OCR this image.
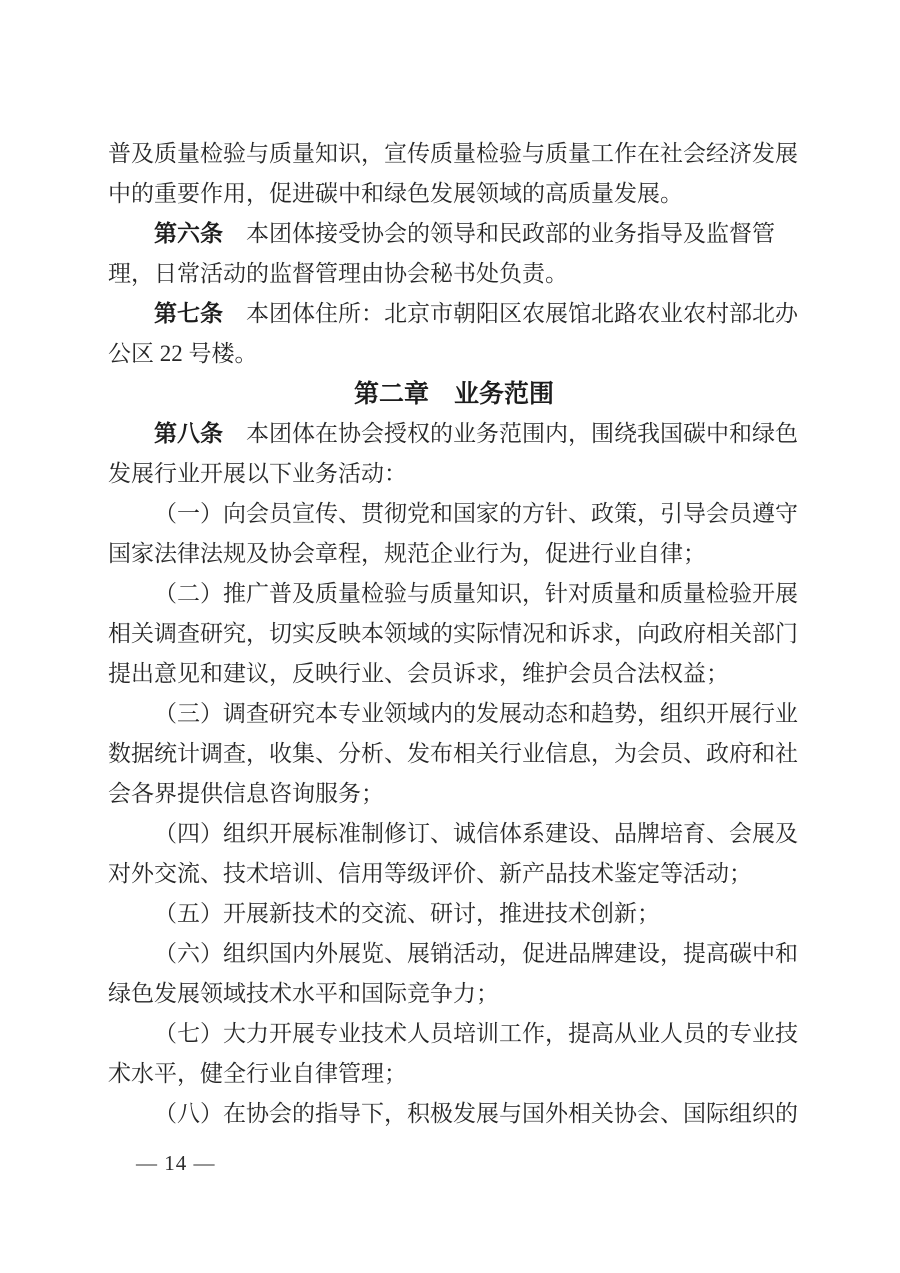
普及质量检验与质量知识，宣传质量检验与质量工作在社会经济发展
中的重要作用，促进碳中和绿色发展领域的高质量发展。
第六条　本团体接受协会的领导和民政部的业务指导及监督管
理，日常活动的监督管理由协会秘书处负责。
第七条　本团体住所：北京市朝阳区农展馆北路农业农村部北办
公区 22 号楼。
第二章　业务范围
第八条　本团体在协会授权的业务范围内，围绕我国碳中和绿色
发展行业开展以下业务活动：
（一）向会员宣传、贯彻党和国家的方针、政策，引导会员遵守
国家法律法规及协会章程，规范企业行为，促进行业自律；
（二）推广普及质量检验与质量知识，针对质量和质量检验开展
相关调查研究，切实反映本领域的实际情况和诉求，向政府相关部门
提出意见和建议，反映行业、会员诉求，维护会员合法权益；
（三）调查研究本专业领域内的发展动态和趋势，组织开展行业
数据统计调查，收集、分析、发布相关行业信息，为会员、政府和社
会各界提供信息咨询服务；
（四）组织开展标准制修订、诚信体系建设、品牌培育、会展及
对外交流、技术培训、信用等级评价、新产品技术鉴定等活动；
（五）开展新技术的交流、研讨，推进技术创新；
（六）组织国内外展览、展销活动，促进品牌建设，提高碳中和
绿色发展领域技术水平和国际竞争力；
（七）大力开展专业技术人员培训工作，提高从业人员的专业技
术水平，健全行业自律管理；
（八）在协会的指导下，积极发展与国外相关协会、国际组织的
— 14 —
